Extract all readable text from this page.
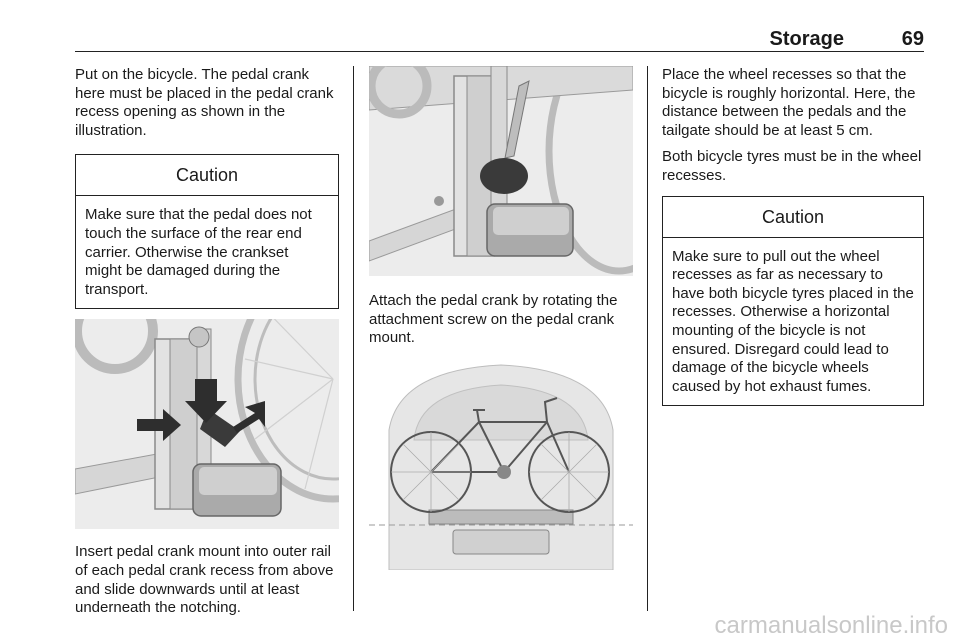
Storage	69

Put on the bicycle. The pedal crank here must be placed in the pedal crank recess opening as shown in the illustration.

Caution
Make sure that the pedal does not touch the surface of the rear end carrier. Otherwise the crankset might be damaged during the transport.

Insert pedal crank mount into outer rail of each pedal crank recess from above and slide downwards until at least underneath the notching.

Attach the pedal crank by rotating the attachment screw on the pedal crank mount.

Place the wheel recesses so that the bicycle is roughly horizontal. Here, the distance between the pedals and the tailgate should be at least 5 cm.

Both bicycle tyres must be in the wheel recesses.

Caution
Make sure to pull out the wheel recesses as far as necessary to have both bicycle tyres placed in the recesses. Otherwise a horizontal mounting of the bicycle is not ensured. Disregard could lead to damage of the bicycle wheels caused by hot exhaust fumes.
carmanualsonline.info
